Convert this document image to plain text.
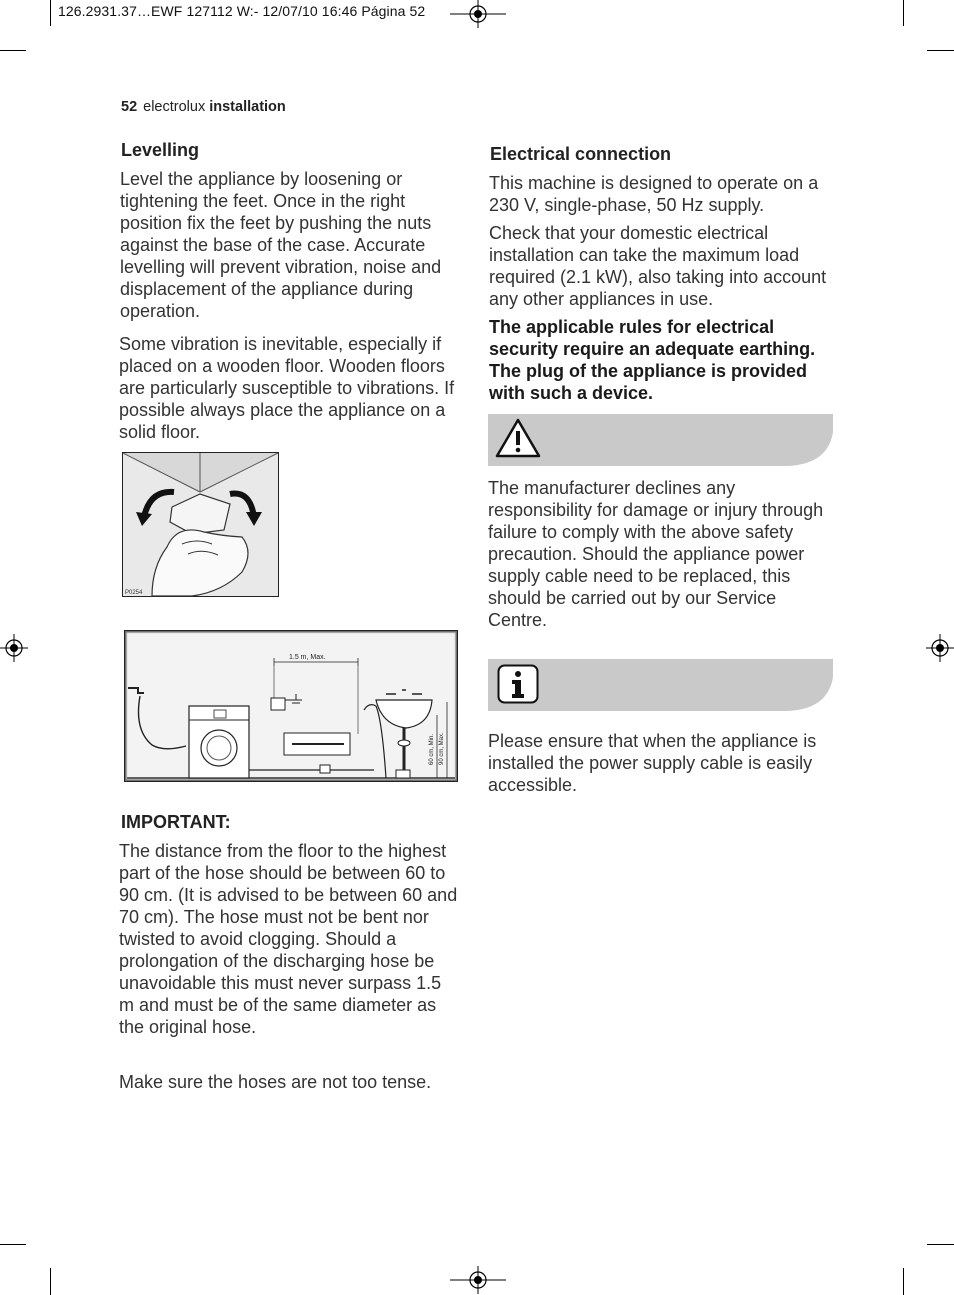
126.2931.37…EWF 127112 W:- 12/07/10 16:46 Página 52
52 electrolux installation
Levelling

Level the appliance by loosening or tightening the feet. Once in the right position fix the feet by pushing the nuts against the base of the case. Accurate levelling will prevent vibration, noise and displacement of the appliance during operation.

Some vibration is inevitable, especially if placed on a wooden floor. Wooden floors are particularly susceptible to vibrations. If possible always place the appliance on a solid floor.

P0254
1.5 m, Max.
60 cm, Min. 90 cm, Max.
IMPORTANT:

The distance from the floor to the highest part of the hose should be between 60 to 90 cm. (It is advised to be between 60 and 70 cm). The hose must not be bent nor twisted to avoid clogging. Should a prolongation of the discharging hose be unavoidable this must never surpass 1.5 m and must be of the same diameter as the original hose.

Make sure the hoses are not too tense.

Electrical connection

This machine is designed to operate on a 230 V, single-phase, 50 Hz supply.

Check that your domestic electrical installation can take the maximum load required (2.1 kW), also taking into account any other appliances in use.

The applicable rules for electrical security require an adequate earthing. The plug of the appliance is provided with such a device.

The manufacturer declines any responsibility for damage or injury through failure to comply with the above safety precaution. Should the appliance power supply cable need to be replaced, this should be carried out by our Service Centre.

Please ensure that when the appliance is installed the power supply cable is easily accessible.
